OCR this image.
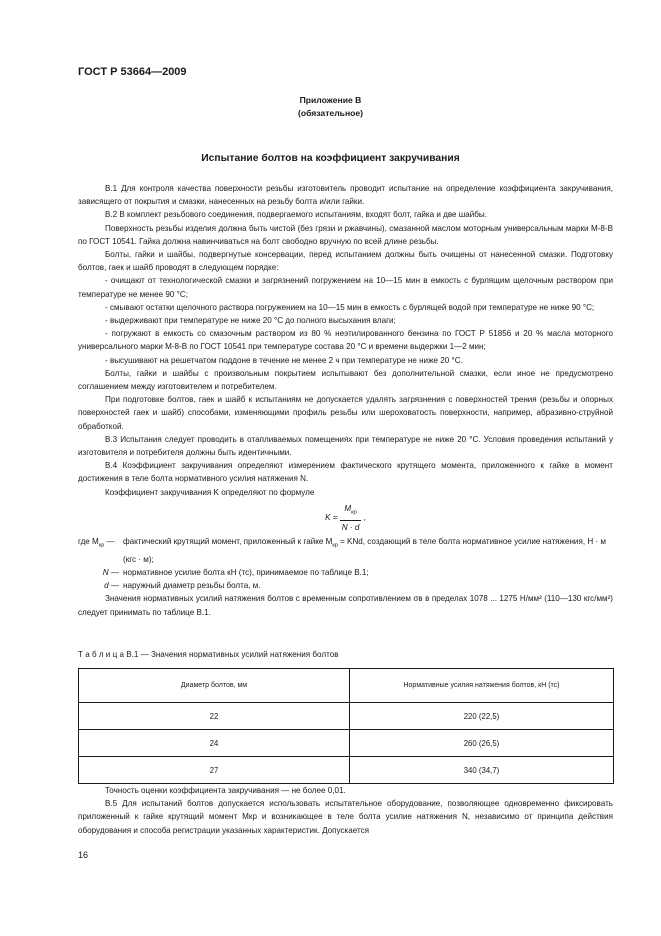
ГОСТ Р 53664—2009
Приложение В
(обязательное)
Испытание болтов на коэффициент закручивания

В.1 Для контроля качества поверхности резьбы изготовитель проводит испытание на определение коэффициента закручивания, зависящего от покрытия и смазки, нанесенных на резьбу болта и/или гайки.

В.2 В комплект резьбового соединения, подвергаемого испытаниям, входят болт, гайка и две шайбы.

Поверхность резьбы изделия должна быть чистой (без грязи и ржавчины), смазанной маслом моторным универсальным марки М-8-В по ГОСТ 10541. Гайка должна навинчиваться на болт свободно вручную по всей длине резьбы.

Болты, гайки и шайбы, подвергнутые консервации, перед испытанием должны быть очищены от нанесенной смазки. Подготовку болтов, гаек и шайб проводят в следующем порядке:

- очищают от технологической смазки и загрязнений погружением на 10—15 мин в емкость с бурлящим щелочным раствором при температуре не менее 90 °С;

- смывают остатки щелочного раствора погружением на 10—15 мин в емкость с бурлящей водой при температуре не ниже 90 °С;

- выдерживают при температуре не ниже 20 °С до полного высыхания влаги;

- погружают в емкость со смазочным раствором из 80 % неэтилированного бензина по ГОСТ Р 51856 и 20 % масла моторного универсального марки М-8-В по ГОСТ 10541 при температуре состава 20 °С и времени выдержки 1—2 мин;

- высушивают на решетчатом поддоне в течение не менее 2 ч при температуре не ниже 20 °С.

Болты, гайки и шайбы с произвольным покрытием испытывают без дополнительной смазки, если иное не предусмотрено соглашением между изготовителем и потребителем.

При подготовке болтов, гаек и шайб к испытаниям не допускается удалять загрязнения с поверхностей трения (резьбы и опорных поверхностей гаек и шайб) способами, изменяющими профиль резьбы или шероховатость поверхности, например, абразивно-струйной обработкой.

В.3 Испытания следует проводить в отапливаемых помещениях при температуре не ниже 20 °С. Условия проведения испытаний у изготовителя и потребителя должны быть идентичными.

В.4 Коэффициент закручивания определяют измерением фактического крутящего момента, приложенного к гайке в момент достижения в теле болта нормативного усилия натяжения N.

Коэффициент закручивания K определяют по формуле

$K = \frac{M_{кр}}{N \cdot d}$ ,
где $M_{кр}$ —	фактический крутящий момент, приложенный к гайке $M_{кр}$ = KNd, создающий в теле болта нормативное усилие натяжения, Н · м (кгс · м);
N — нормативное усилие болта кН (тс), принимаемое по таблице В.1;
d — наружный диаметр резьбы болта, м.

Значения нормативных усилий натяжения болтов с временным сопротивлением σв в пределах 1078 ... 1275 Н/мм² (110—130 кгс/мм²) следует принимать по таблице В.1.

Т а б л и ц а В.1 — Значения нормативных усилий натяжения болтов
Диаметр болтов, мм	Нормативные усилия натяжения болтов, кН (тс)
22	220 (22,5)
24	260 (26,5)
27	340 (34,7)

Точность оценки коэффициента закручивания — не более 0,01.

В.5 Для испытаний болтов допускается использовать испытательное оборудование, позволяющее одновременно фиксировать приложенный к гайке крутящий момент Mкр и возникающее в теле болта усилие натяжения N, независимо от принципа действия оборудования и способа регистрации указанных характеристик. Допускается

16
